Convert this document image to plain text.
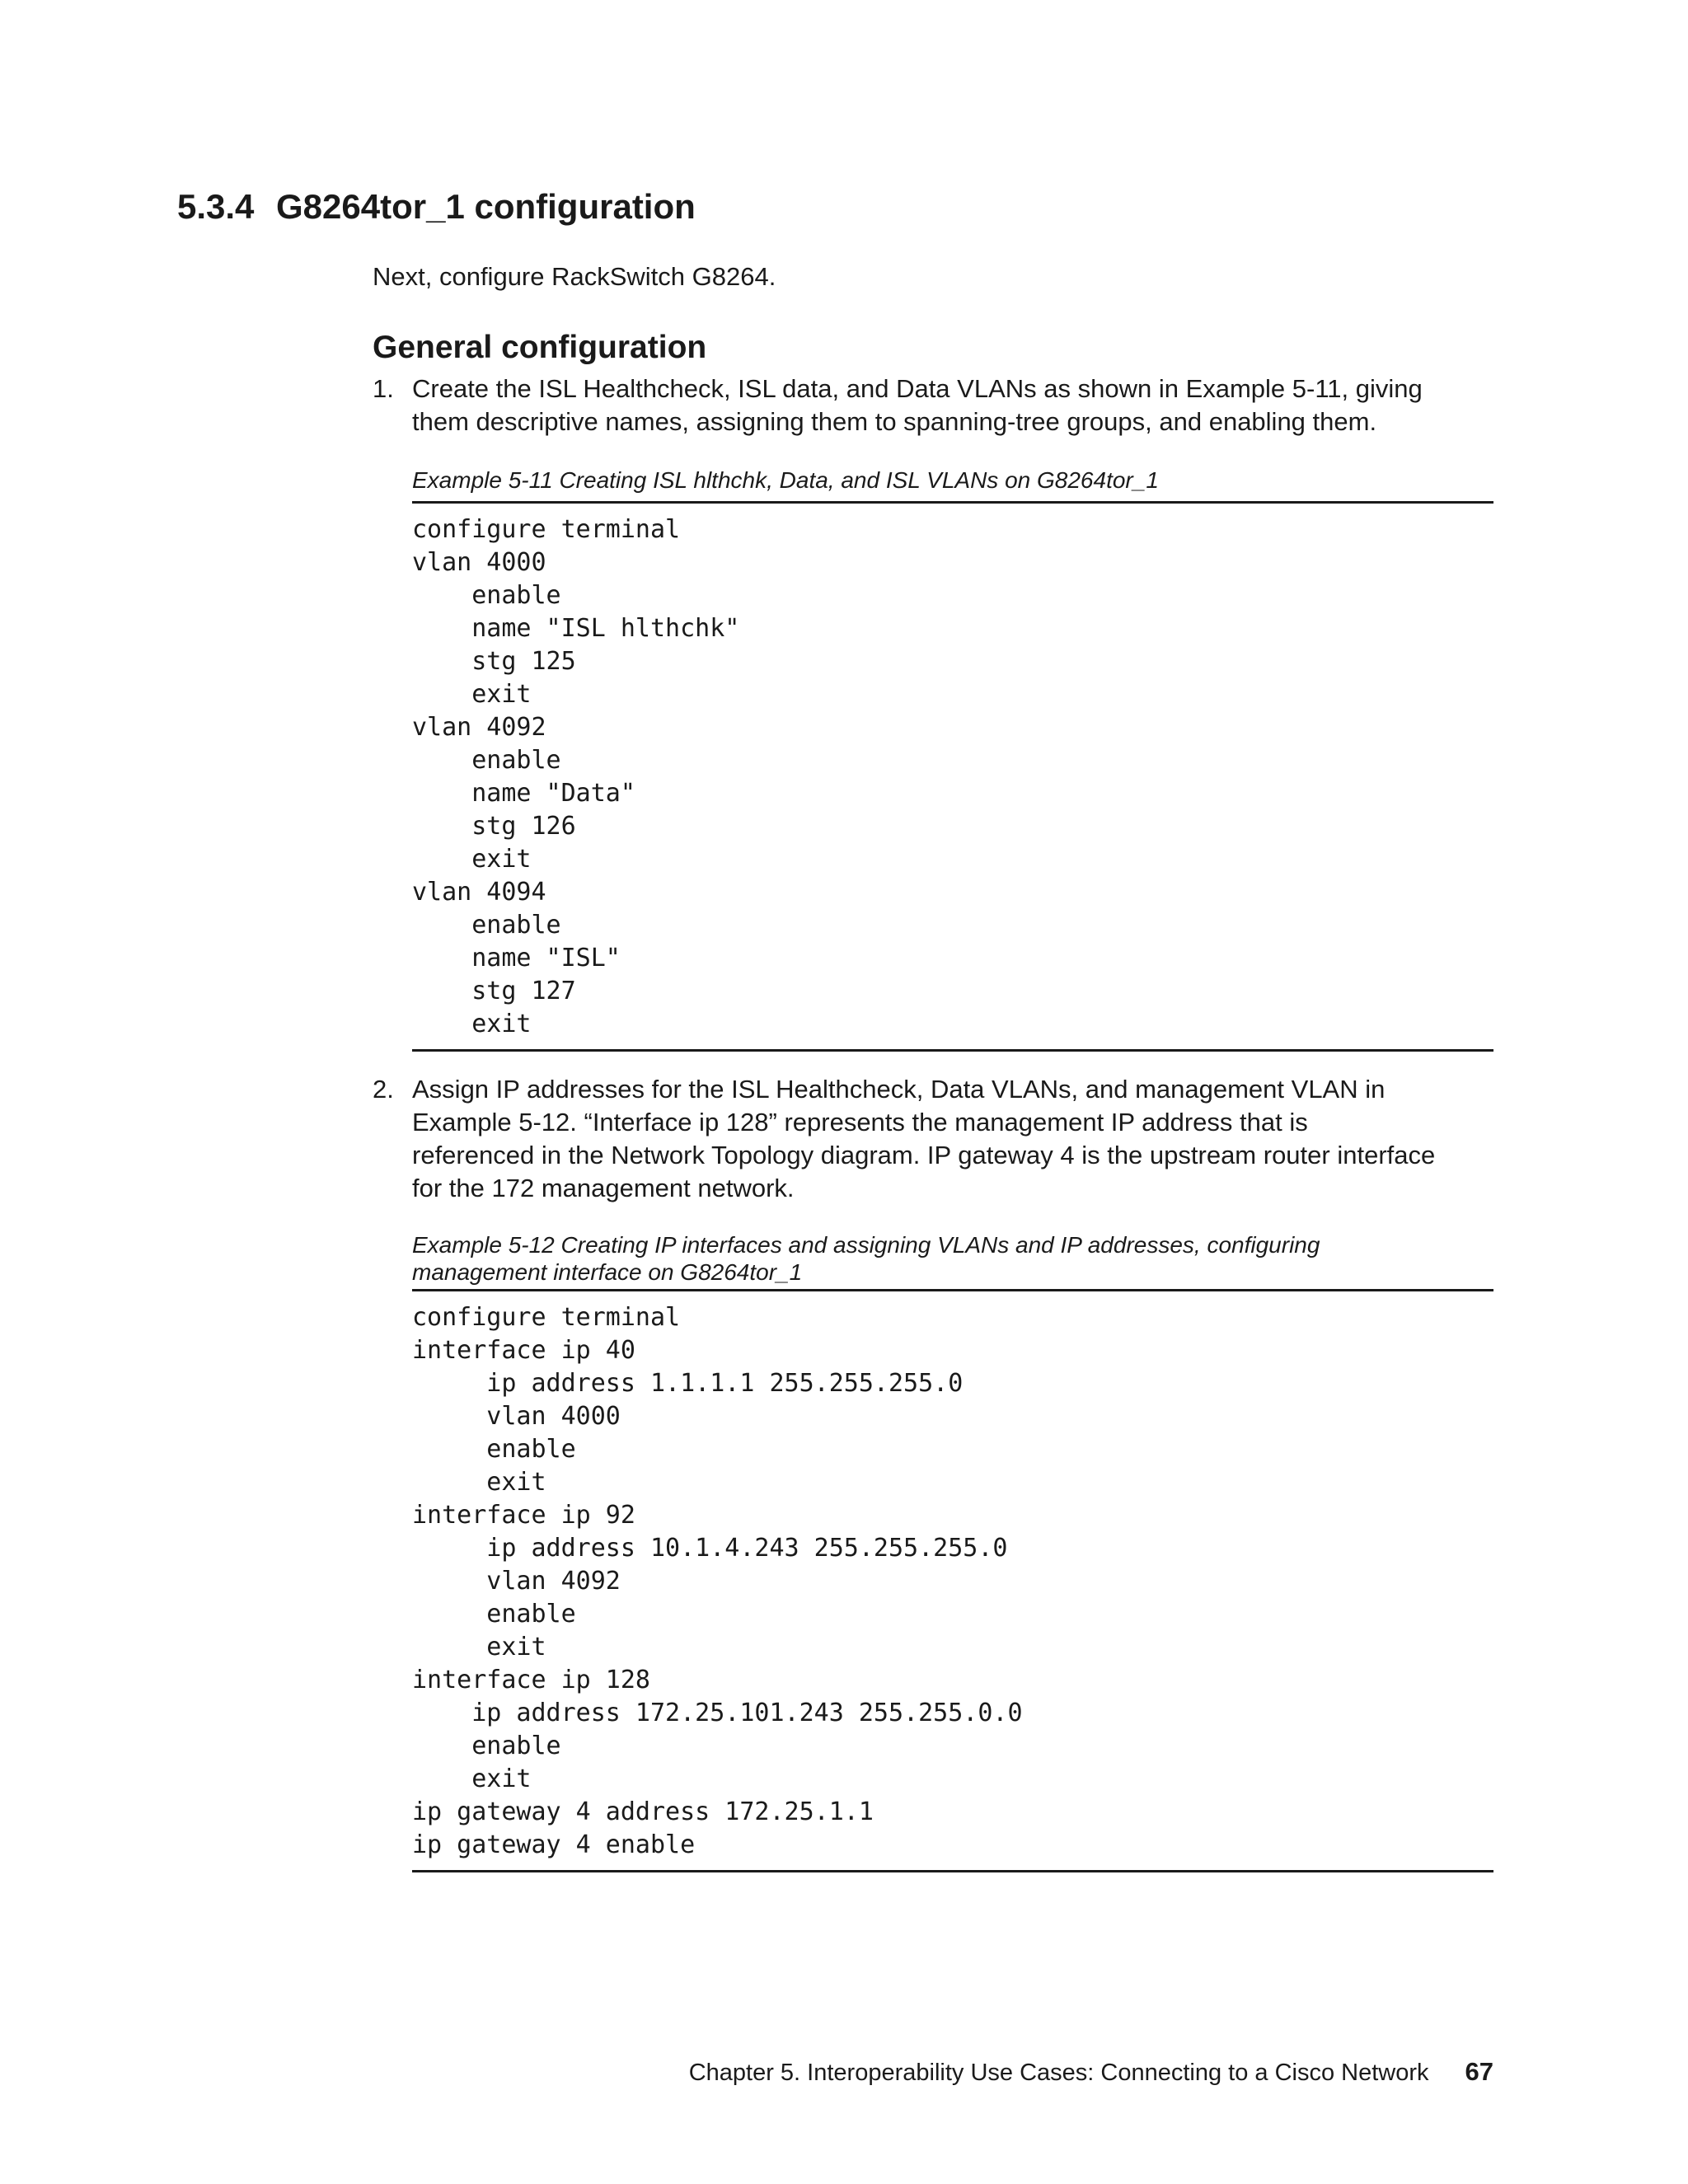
5.3.4 G8264tor_1 configuration

Next, configure RackSwitch G8264.

General configuration
1. Create the ISL Healthcheck, ISL data, and Data VLANs as shown in Example 5-11, giving
them descriptive names, assigning them to spanning-tree groups, and enabling them.

Example 5-11 Creating ISL hlthchk, Data, and ISL VLANs on G8264tor_1

configure terminal
vlan 4000
enable
name "ISL hlthchk"
stg 125
exit
vlan 4092
enable
name "Data"
stg 126
exit
vlan 4094
enable
name "ISL"
stg 127
exit
2. Assign IP addresses for the ISL Healthcheck, Data VLANs, and management VLAN in
Example 5-12. “Interface ip 128” represents the management IP address that is
referenced in the Network Topology diagram. IP gateway 4 is the upstream router interface
for the 172 management network.

Example 5-12 Creating IP interfaces and assigning VLANs and IP addresses, configuring
management interface on G8264tor_1

configure terminal
interface ip 40
ip address 1.1.1.1 255.255.255.0
vlan 4000
enable
exit
interface ip 92
ip address 10.1.4.243 255.255.255.0
vlan 4092
enable
exit
interface ip 128
ip address 172.25.101.243 255.255.0.0
enable
exit
ip gateway 4 address 172.25.1.1
ip gateway 4 enable

Chapter 5. Interoperability Use Cases: Connecting to a Cisco Network 67
